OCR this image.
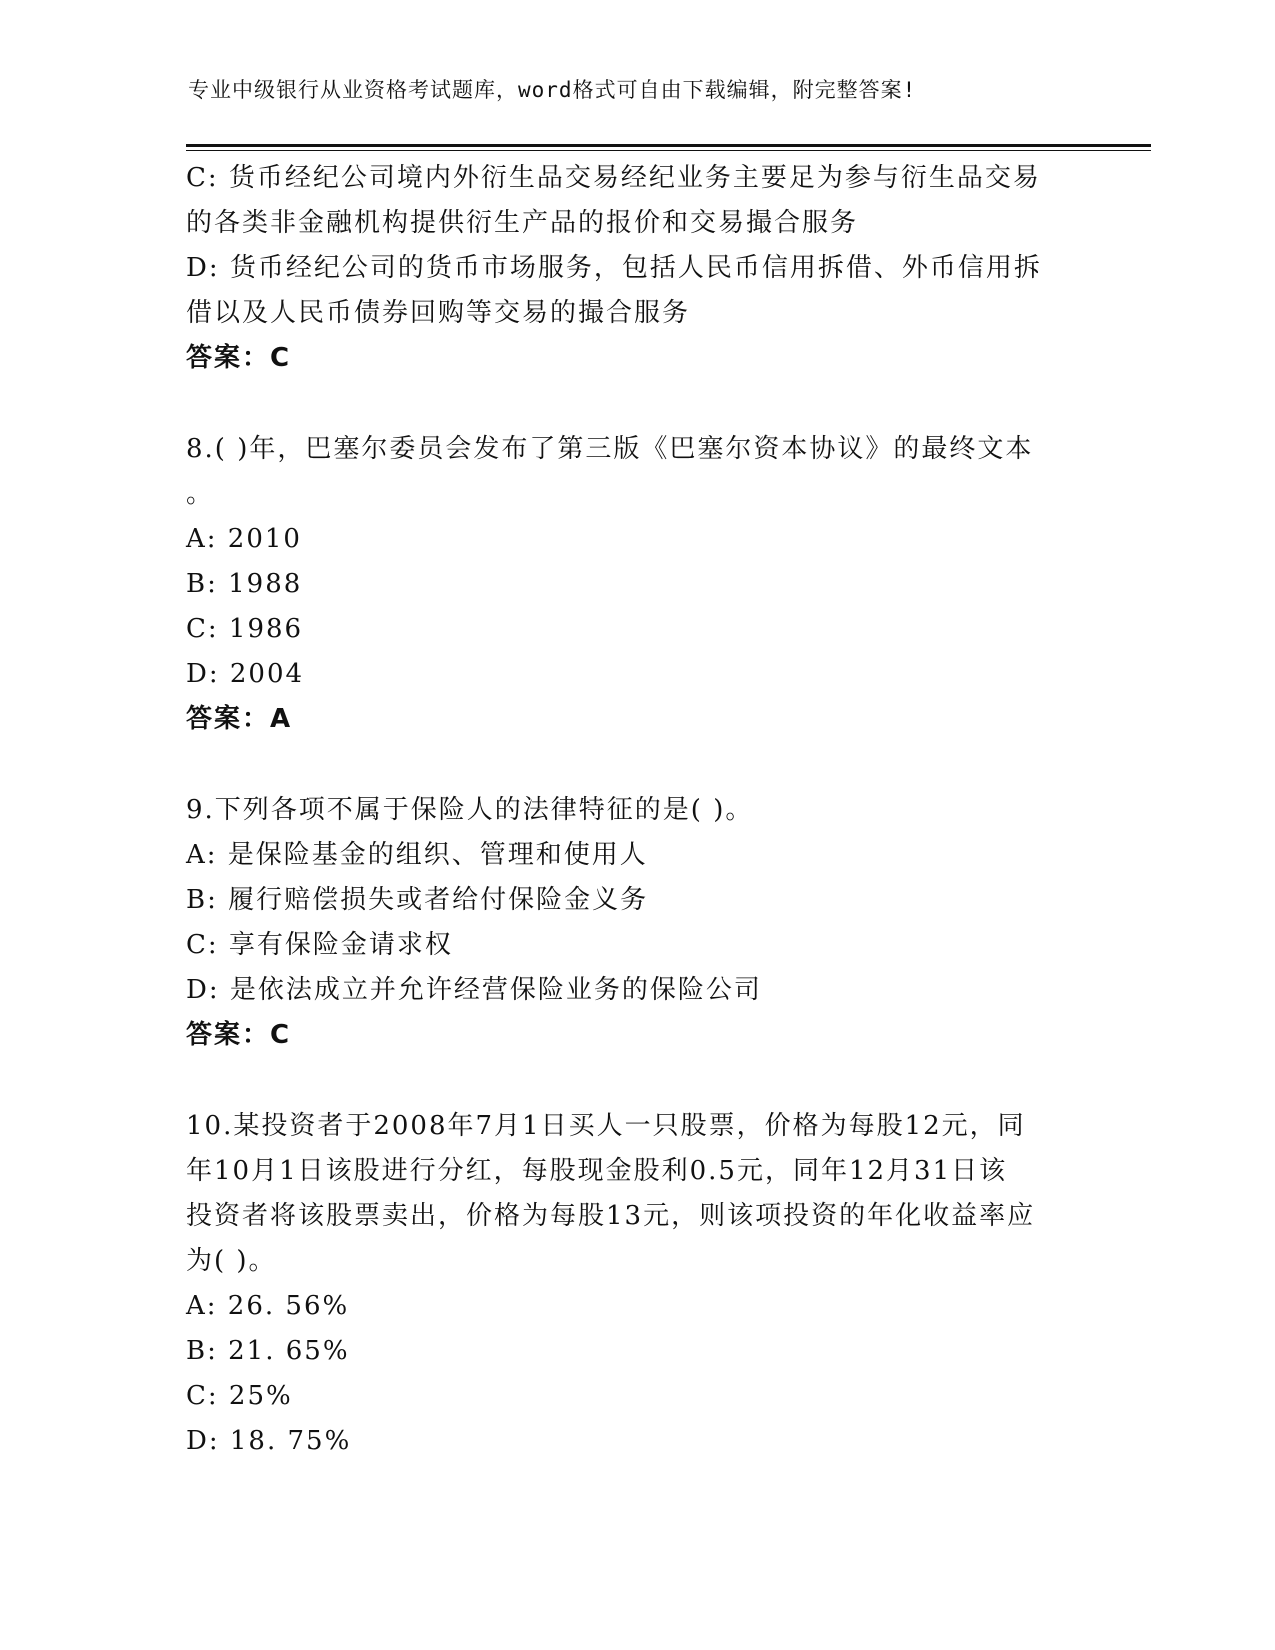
专业中级银行从业资格考试题库，word格式可自由下载编辑，附完整答案!
C: 货币经纪公司境内外衍生品交易经纪业务主要足为参与衍生品交易
的各类非金融机构提供衍生产品的报价和交易撮合服务
D: 货币经纪公司的货币市场服务，包括人民币信用拆借、外币信用拆
借以及人民币债券回购等交易的撮合服务
答案：C
8.( )年，巴塞尔委员会发布了第三版《巴塞尔资本协议》的最终文本
。
A: 2010
B: 1988
C: 1986
D: 2004
答案：A
9.下列各项不属于保险人的法律特征的是( )。
A: 是保险基金的组织、管理和使用人
B: 履行赔偿损失或者给付保险金义务
C: 享有保险金请求权
D: 是依法成立并允许经营保险业务的保险公司
答案：C
10.某投资者于2008年7月1日买人一只股票，价格为每股12元，同
年10月1日该股进行分红，每股现金股利0.5元，同年12月31日该
投资者将该股票卖出，价格为每股13元，则该项投资的年化收益率应
为( )。
A: 26. 56%
B: 21. 65%
C: 25%
D: 18. 75%
